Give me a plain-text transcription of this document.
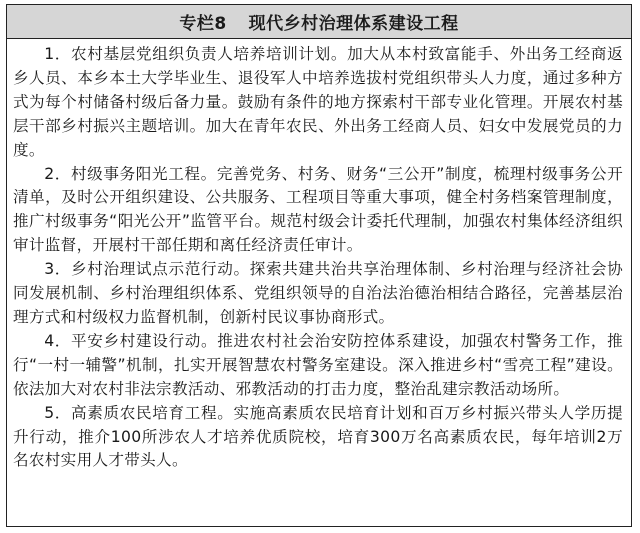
专栏8 现代乡村治理体系建设工程

1．农村基层党组织负责人培养培训计划。加大从本村致富能手、外出务工经商返乡人员、本乡本土大学毕业生、退役军人中培养选拔村党组织带头人力度，通过多种方式为每个村储备村级后备力量。鼓励有条件的地方探索村干部专业化管理。开展农村基层干部乡村振兴主题培训。加大在青年农民、外出务工经商人员、妇女中发展党员的力度。

2．村级事务阳光工程。完善党务、村务、财务“三公开”制度，梳理村级事务公开清单，及时公开组织建设、公共服务、工程项目等重大事项，健全村务档案管理制度，推广村级事务“阳光公开”监管平台。规范村级会计委托代理制，加强农村集体经济组织审计监督，开展村干部任期和离任经济责任审计。

3．乡村治理试点示范行动。探索共建共治共享治理体制、乡村治理与经济社会协同发展机制、乡村治理组织体系、党组织领导的自治法治德治相结合路径，完善基层治理方式和村级权力监督机制，创新村民议事协商形式。

4．平安乡村建设行动。推进农村社会治安防控体系建设，加强农村警务工作，推行“一村一辅警”机制，扎实开展智慧农村警务室建设。深入推进乡村“雪亮工程”建设。依法加大对农村非法宗教活动、邪教活动的打击力度，整治乱建宗教活动场所。

5．高素质农民培育工程。实施高素质农民培育计划和百万乡村振兴带头人学历提升行动，推介100所涉农人才培养优质院校，培育300万名高素质农民，每年培训2万名农村实用人才带头人。
